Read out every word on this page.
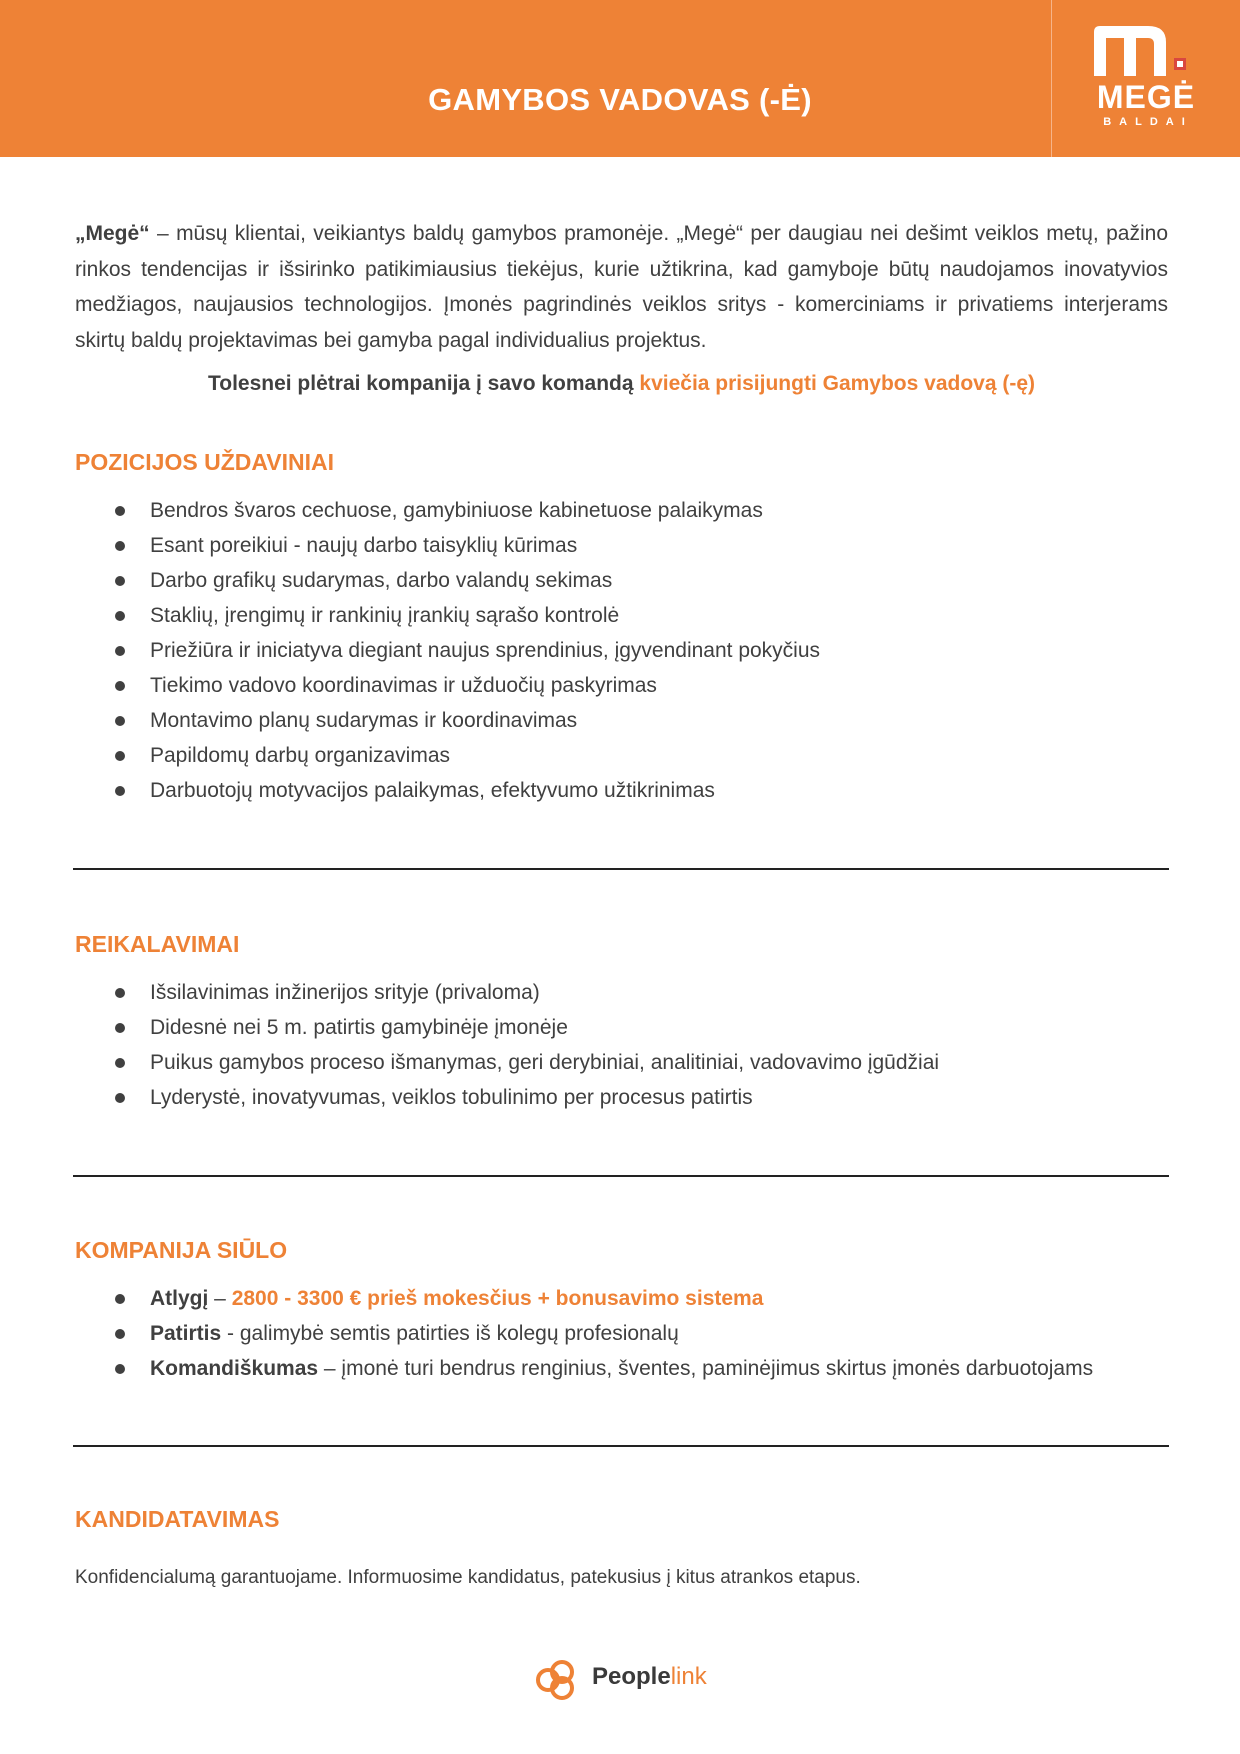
GAMYBOS VADOVAS (-Ė)	MEGĖ
BALDAI

„Megė“ – mūsų klientai, veikiantys baldų gamybos pramonėje. „Megė“ per daugiau nei dešimt veiklos metų, pažino rinkos tendencijas ir išsirinko patikimiausius tiekėjus, kurie užtikrina, kad gamyboje būtų naudojamos inovatyvios medžiagos, naujausios technologijos. Įmonės pagrindinės veiklos sritys - komerciniams ir privatiems interjerams skirtų baldų projektavimas bei gamyba pagal individualius projektus.

Tolesnei plėtrai kompanija į savo komandą kviečia prisijungti Gamybos vadovą (-ę)
POZICIJOS UŽDAVINIAI
Bendros švaros cechuose, gamybiniuose kabinetuose palaikymas
Esant poreikiui - naujų darbo taisyklių kūrimas
Darbo grafikų sudarymas, darbo valandų sekimas
Staklių, įrengimų ir rankinių įrankių sąrašo kontrolė
Priežiūra ir iniciatyva diegiant naujus sprendinius, įgyvendinant pokyčius
Tiekimo vadovo koordinavimas ir užduočių paskyrimas
Montavimo planų sudarymas ir koordinavimas
Papildomų darbų organizavimas
Darbuotojų motyvacijos palaikymas, efektyvumo užtikrinimas
REIKALAVIMAI
Išsilavinimas inžinerijos srityje (privaloma)
Didesnė nei 5 m. patirtis gamybinėje įmonėje
Puikus gamybos proceso išmanymas, geri derybiniai, analitiniai, vadovavimo įgūdžiai
Lyderystė, inovatyvumas, veiklos tobulinimo per procesus patirtis
KOMPANIJA SIŪLO
Atlygį – 2800 - 3300 € prieš mokesčius + bonusavimo sistema
Patirtis - galimybė semtis patirties iš kolegų profesionalų
Komandiškumas – įmonė turi bendrus renginius, šventes, paminėjimus skirtus įmonės darbuotojams
KANDIDATAVIMAS
Konfidencialumą garantuojame. Informuosime kandidatus, patekusius į kitus atrankos etapus.
Peoplelink
